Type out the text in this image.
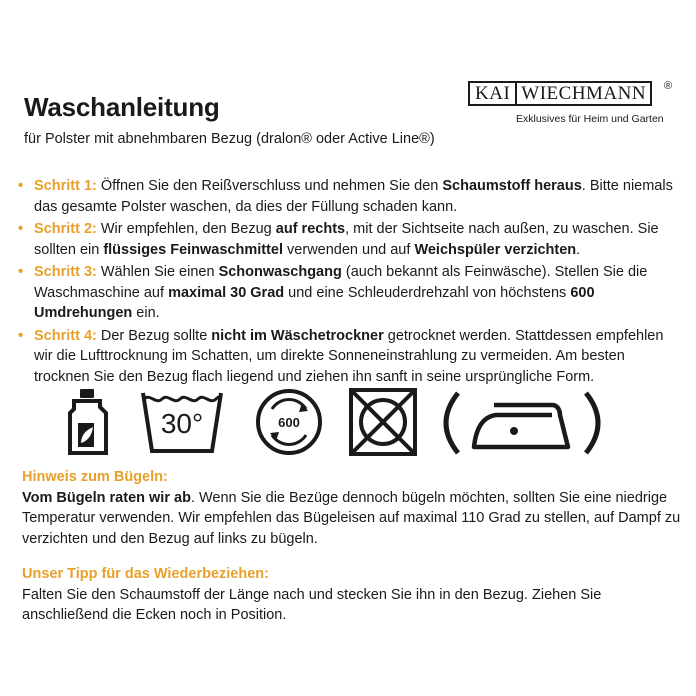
Waschanleitung
für Polster mit abnehmbaren Bezug (dralon® oder Active Line®)
KAI WIECHMANN	®
Exklusives für Heim und Garten
• Schritt 1: Öffnen Sie den Reißverschluss und nehmen Sie den Schaumstoff heraus. Bitte niemals das gesamte Polster waschen, da dies der Füllung schaden kann.
• Schritt 2: Wir empfehlen, den Bezug auf rechts, mit der Sichtseite nach außen, zu waschen. Sie sollten ein flüssiges Feinwaschmittel verwenden und auf Weichspüler verzichten.
• Schritt 3: Wählen Sie einen Schonwaschgang (auch bekannt als Feinwäsche). Stellen Sie die Waschmaschine auf maximal 30 Grad und eine Schleuderdrehzahl von höchstens 600 Umdrehungen ein.
• Schritt 4: Der Bezug sollte nicht im Wäschetrockner getrocknet werden. Stattdessen empfehlen wir die Lufttrocknung im Schatten, um direkte Sonneneinstrahlung zu vermeiden. Am besten trocknen Sie den Bezug flach liegend und ziehen ihn sanft in seine ursprüngliche Form.
30°	600
Hinweis zum Bügeln:
Vom Bügeln raten wir ab. Wenn Sie die Bezüge dennoch bügeln möchten, sollten Sie eine niedrige Temperatur verwenden. Wir empfehlen das Bügeleisen auf maximal 110 Grad zu stellen, auf Dampf zu verzichten und den Bezug auf links zu bügeln.
Unser Tipp für das Wiederbeziehen:
Falten Sie den Schaumstoff der Länge nach und stecken Sie ihn in den Bezug. Ziehen Sie anschließend die Ecken noch in Position.
